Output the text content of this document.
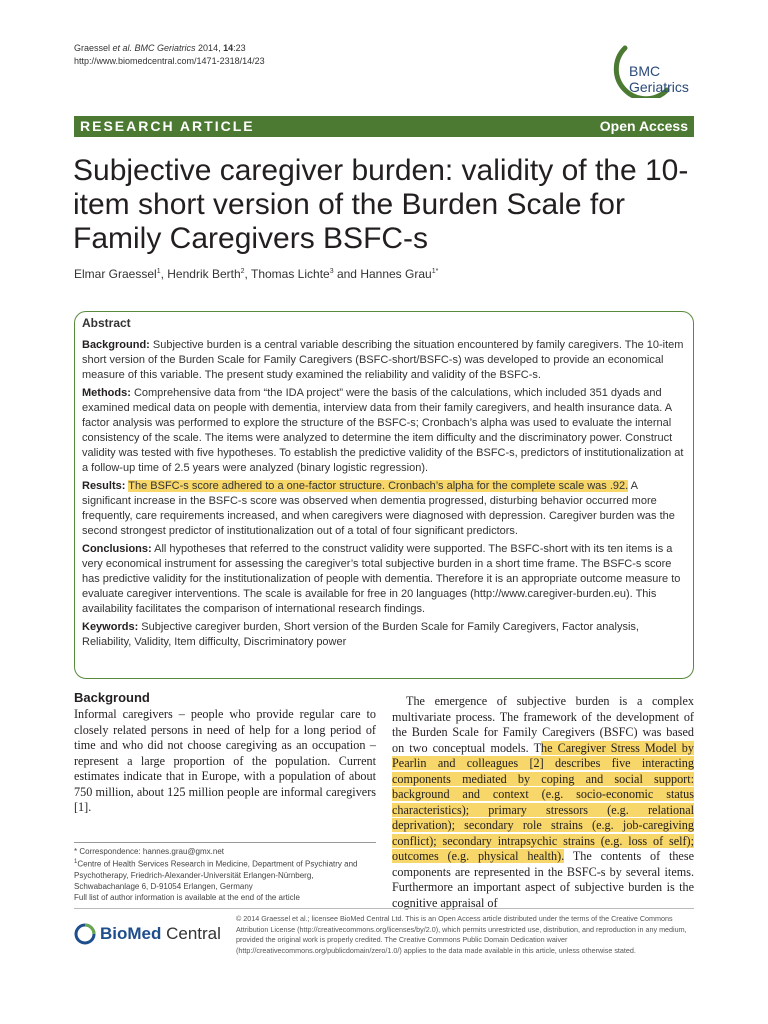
Graessel et al. BMC Geriatrics 2014, 14:23
http://www.biomedcentral.com/1471-2318/14/23
BMC
Geriatrics
RESEARCH ARTICLE	Open Access
Subjective caregiver burden: validity of the 10-item short version of the Burden Scale for Family Caregivers BSFC-s
Elmar Graessel$^1$, Hendrik Berth$^2$, Thomas Lichte$^3$ and Hannes Grau$^{1*}$
Abstract

Background: Subjective burden is a central variable describing the situation encountered by family caregivers. The 10-item short version of the Burden Scale for Family Caregivers (BSFC-short/BSFC-s) was developed to provide an economical measure of this variable. The present study examined the reliability and validity of the BSFC-s.

Methods: Comprehensive data from “the IDA project” were the basis of the calculations, which included 351 dyads and examined medical data on people with dementia, interview data from their family caregivers, and health insurance data. A factor analysis was performed to explore the structure of the BSFC-s; Cronbach’s alpha was used to evaluate the internal consistency of the scale. The items were analyzed to determine the item difficulty and the discriminatory power. Construct validity was tested with five hypotheses. To establish the predictive validity of the BSFC-s, predictors of institutionalization at a follow-up time of 2.5 years were analyzed (binary logistic regression).

Results: The BSFC-s score adhered to a one-factor structure. Cronbach’s alpha for the complete scale was .92. A significant increase in the BSFC-s score was observed when dementia progressed, disturbing behavior occurred more frequently, care requirements increased, and when caregivers were diagnosed with depression. Caregiver burden was the second strongest predictor of institutionalization out of a total of four significant predictors.

Conclusions: All hypotheses that referred to the construct validity were supported. The BSFC-short with its ten items is a very economical instrument for assessing the caregiver’s total subjective burden in a short time frame. The BSFC-s score has predictive validity for the institutionalization of people with dementia. Therefore it is an appropriate outcome measure to evaluate caregiver interventions. The scale is available for free in 20 languages (http://www.caregiver-burden.eu). This availability facilitates the comparison of international research findings.

Keywords: Subjective caregiver burden, Short version of the Burden Scale for Family Caregivers, Factor analysis, Reliability, Validity, Item difficulty, Discriminatory power

Background

Informal caregivers – people who provide regular care to closely related persons in need of help for a long period of time and who did not choose caregiving as an occupation – represent a large proportion of the population. Current estimates indicate that in Europe, with a population of about 750 million, about 125 million people are informal caregivers [1].

The emergence of subjective burden is a complex multivariate process. The framework of the development of the Burden Scale for Family Caregivers (BSFC) was based on two conceptual models. The Caregiver Stress Model by Pearlin and colleagues [2] describes five interacting components mediated by coping and social support: background and context (e.g. socio-economic status characteristics); primary stressors (e.g. relational deprivation); secondary role strains (e.g. job-caregiving conflict); secondary intrapsychic strains (e.g. loss of self); outcomes (e.g. physical health). The contents of these components are represented in the BSFC-s by several items. Furthermore an important aspect of subjective burden is the cognitive appraisal of

* Correspondence: hannes.grau@gmx.net
$^1$Centre of Health Services Research in Medicine, Department of Psychiatry and Psychotherapy, Friedrich-Alexander-Universität Erlangen-Nürnberg, Schwabachanlage 6, D-91054 Erlangen, Germany
Full list of author information is available at the end of the article
BioMed Central
© 2014 Graessel et al.; licensee BioMed Central Ltd. This is an Open Access article distributed under the terms of the Creative Commons Attribution License (http://creativecommons.org/licenses/by/2.0), which permits unrestricted use, distribution, and reproduction in any medium, provided the original work is properly credited. The Creative Commons Public Domain Dedication waiver (http://creativecommons.org/publicdomain/zero/1.0/) applies to the data made available in this article, unless otherwise stated.
